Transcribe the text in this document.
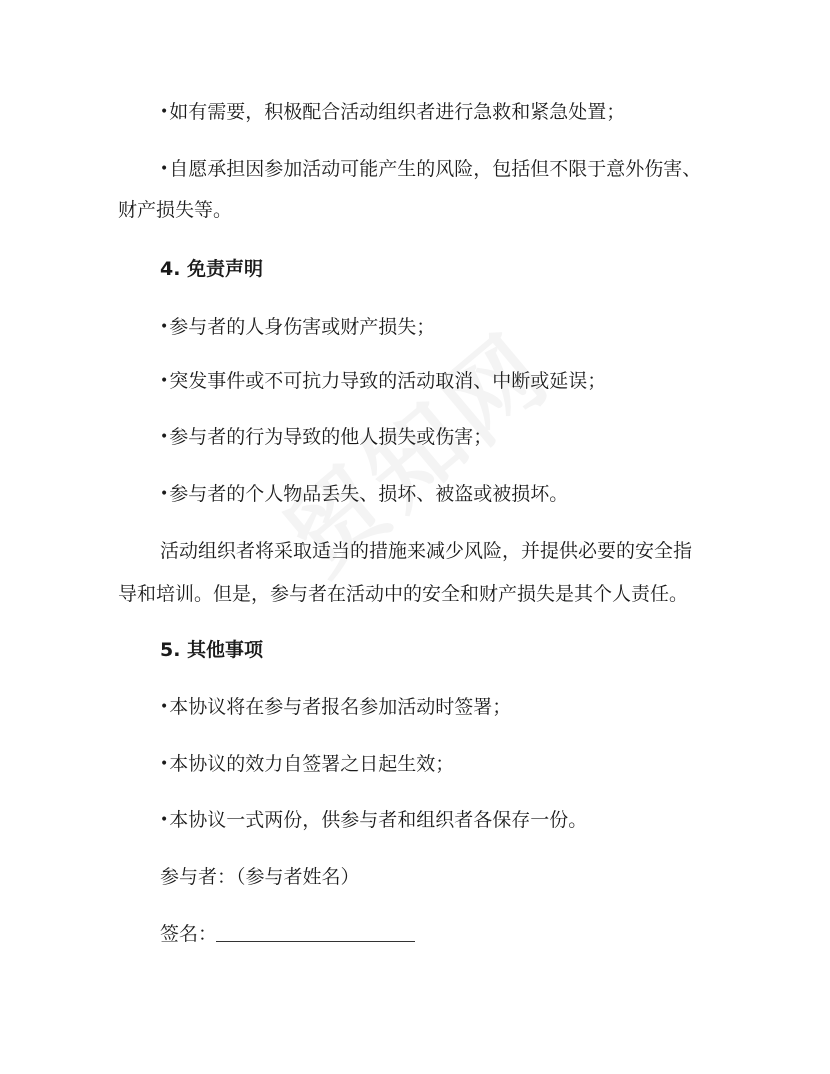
•如有需要，积极配合活动组织者进行急救和紧急处置；
•自愿承担因参加活动可能产生的风险，包括但不限于意外伤害、
财产损失等。
4. 免责声明
•参与者的人身伤害或财产损失；
•突发事件或不可抗力导致的活动取消、中断或延误；
•参与者的行为导致的他人损失或伤害；
•参与者的个人物品丢失、损坏、被盗或被损坏。
活动组织者将采取适当的措施来减少风险，并提供必要的安全指
导和培训。但是，参与者在活动中的安全和财产损失是其个人责任。
5. 其他事项
•本协议将在参与者报名参加活动时签署；
•本协议的效力自签署之日起生效；
•本协议一式两份，供参与者和组织者各保存一份。
参与者：（参与者姓名）
签名：
